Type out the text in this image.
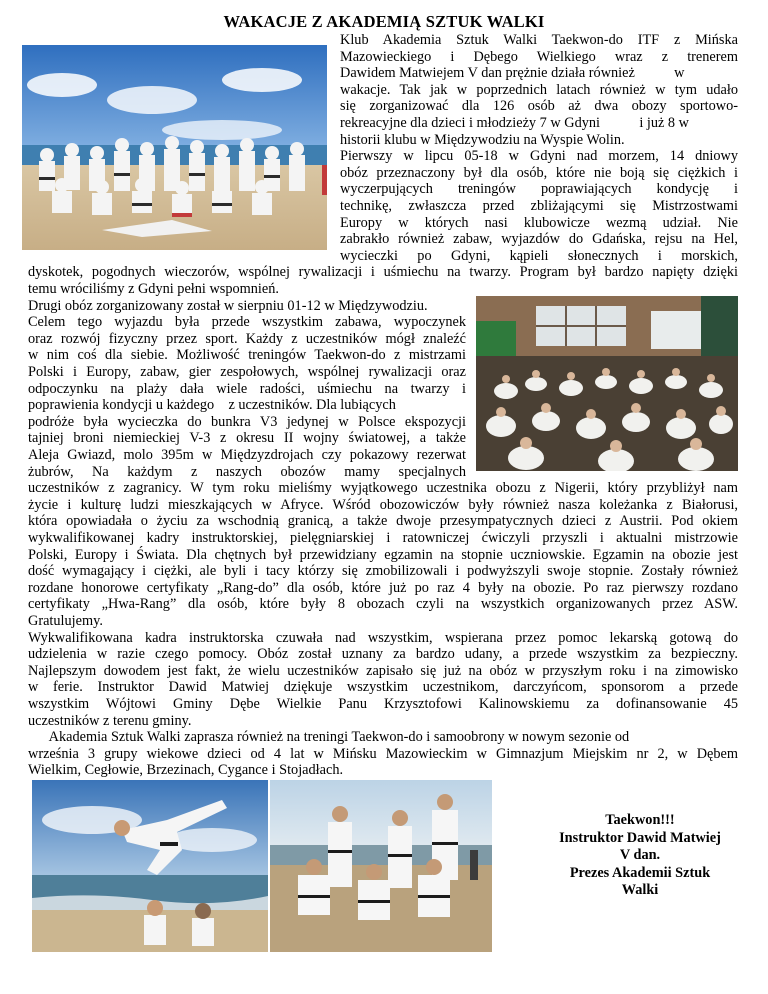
WAKACJE Z AKADEMIĄ SZTUK WALKI
Klub Akademia Sztuk Walki Taekwon-do ITF z Mińska
Mazowieckiego i Dębego Wielkiego wraz z trenerem
Dawidem Matwiejem V dan prężnie działa również           w
wakacje. Tak jak w poprzednich latach również w tym udało
się zorganizować dla 126 osób aż dwa obozy sportowo-
rekreacyjne dla dzieci i młodzieży 7 w Gdyni           i już 8 w
historii klubu w Międzywodziu na Wyspie Wolin.
Pierwszy w lipcu 05-18 w Gdyni nad morzem, 14 dniowy
obóz przeznaczony był dla osób, które nie boją się ciężkich i
wyczerpujących treningów poprawiających kondycję i
technikę, zwłaszcza przed zbliżającymi się Mistrzostwami
Europy w których nasi klubowicze wezmą udział. Nie
zabrakło również zabaw, wyjazdów do Gdańska, rejsu na Hel,
wycieczki po Gdyni, kąpieli słonecznych i morskich,
dyskotek, pogodnych wieczorów, wspólnej rywalizacji i uśmiechu na twarzy. Program był bardzo napięty dzięki
temu wróciliśmy z Gdyni pełni wspomnień.
Drugi obóz zorganizowany został w sierpniu 01-12 w Międzywodziu.
Celem tego wyjazdu była przede wszystkim zabawa, wypoczynek
oraz rozwój fizyczny przez sport. Każdy z uczestników mógł znaleźć
w nim coś dla siebie. Możliwość treningów Taekwon-do z mistrzami
Polski i Europy, zabaw, gier zespołowych, wspólnej rywalizacji oraz
odpoczynku na plaży dała wiele radości, uśmiechu na twarzy i
poprawienia kondycji u każdego    z uczestników. Dla lubiących
podróże była wycieczka do bunkra V3 jedynej w Polsce ekspozycji
tajniej broni niemieckiej V-3 z okresu II wojny światowej, a także
Aleja Gwiazd, molo 395m w Międzyzdrojach czy pokazowy rezerwat
żubrów, Na każdym z naszych obozów mamy specjalnych
uczestników z zagranicy. W tym roku mieliśmy wyjątkowego uczestnika obozu z Nigerii, który przybliżył nam
życie i kulturę ludzi mieszkających w Afryce. Wśród obozowiczów były również nasza koleżanka z Białorusi,
która opowiadała o życiu za wschodnią granicą, a także dwoje przesympatycznych dzieci z Austrii. Pod okiem
wykwalifikowanej kadry instruktorskiej, pielęgniarskiej i ratowniczej ćwiczyli przyszli i aktualni mistrzowie
Polski, Europy i Świata. Dla chętnych był przewidziany egzamin na stopnie uczniowskie. Egzamin na obozie jest
dość wymagający i ciężki, ale byli i tacy którzy się zmobilizowali i podwyższyli swoje stopnie. Zostały również
rozdane honorowe certyfikaty „Rang-do” dla osób, które już po raz 4 były na obozie. Po raz pierwszy rozdano
certyfikaty „Hwa-Rang” dla osób, które były 8 obozach czyli na wszystkich organizowanych przez ASW.
Gratulujemy.
Wykwalifikowana kadra instruktorska czuwała nad wszystkim, wspierana przez pomoc lekarską gotową do
udzielenia w razie czego pomocy. Obóz został uznany za bardzo udany, a przede wszystkim za bezpieczny.
Najlepszym dowodem jest fakt, że wielu uczestników zapisało się już na obóz w przyszłym roku i na zimowisko
w ferie. Instruktor Dawid Matwiej dziękuje wszystkim uczestnikom, darczyńcom, sponsorom a przede
wszystkim Wójtowi Gminy Dębe Wielkie Panu Krzysztofowi Kalinowskiemu za dofinansowanie 45
uczestników z terenu gminy.
Akademia Sztuk Walki zaprasza również na treningi Taekwon-do i samoobrony w nowym sezonie od
września 3 grupy wiekowe dzieci od 4 lat w Mińsku Mazowieckim w Gimnazjum Miejskim nr 2, w Dębem
Wielkim, Cegłowie, Brzezinach, Cygance i Stojadłach.
Taekwon!!!
Instruktor Dawid Matwiej
V dan.
Prezes Akademii Sztuk
Walki
